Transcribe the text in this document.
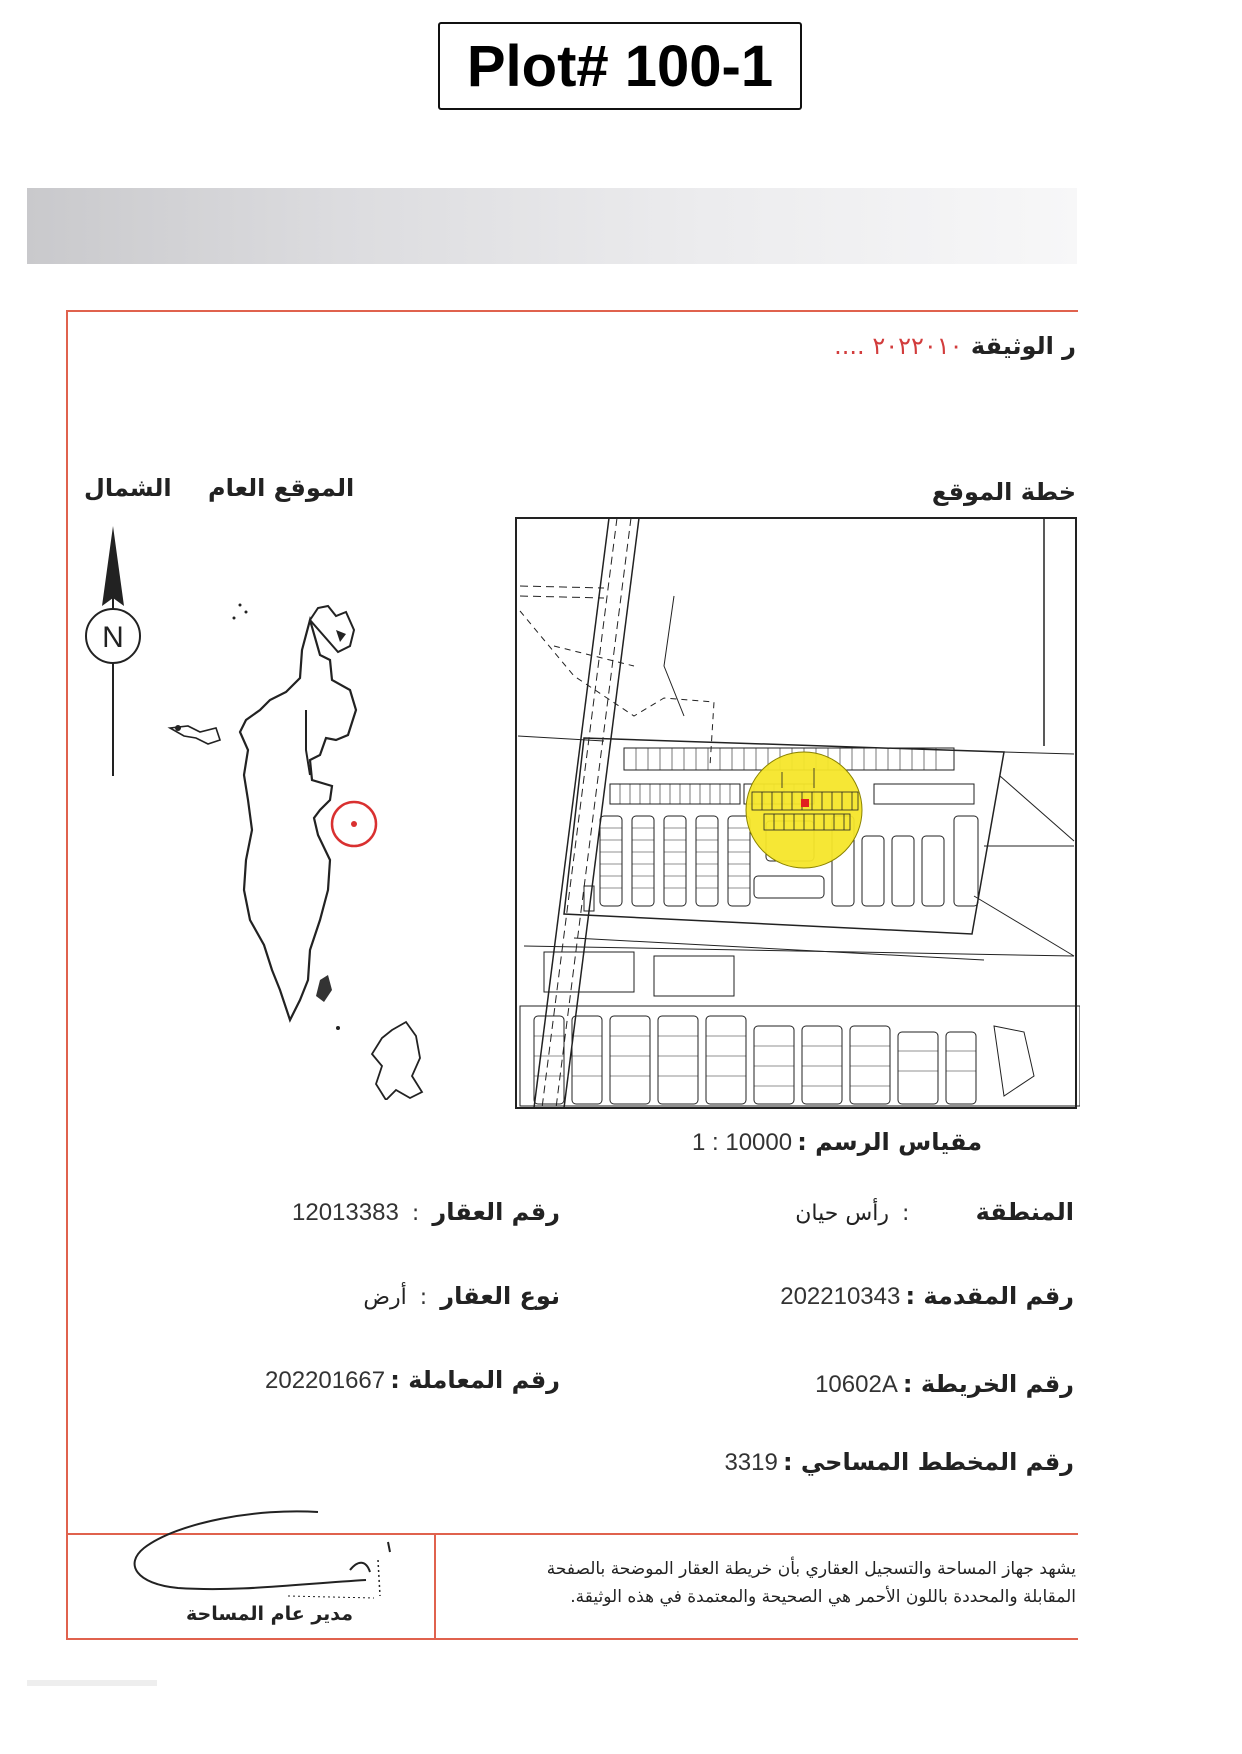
Plot# 100-1
ر الوثيقة ٢٠٢٢٠١٠ ....
خطة الموقع
الموقع العام
الشمال
N
مقياس الرسم : 1 : 10000
المنطقة  : رأس حيان
رقم المقدمة : 202210343
رقم الخريطة : 10602A
رقم المخطط المساحي : 3319
رقم العقار : 12013383
نوع العقار : أرض
رقم المعاملة : 202201667
يشهد جهاز المساحة والتسجيل العقاري بأن خريطة العقار الموضحة بالصفحة
المقابلة والمحددة باللون الأحمر هي الصحيحة والمعتمدة في هذه الوثيقة.
مدير عام المساحة
